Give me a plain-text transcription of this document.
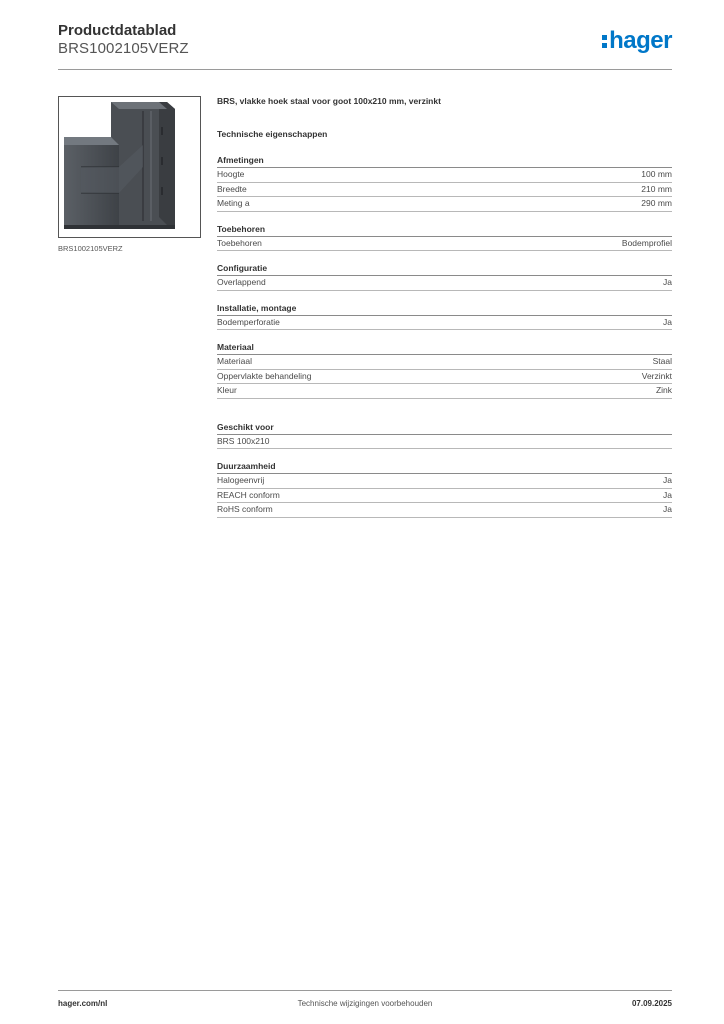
Productdatablad
BRS1002105VERZ	hager
BRS1002105VERZ
BRS, vlakke hoek staal voor goot 100x210 mm, verzinkt
Technische eigenschappen
Afmetingen
Hoogte	100 mm
Breedte	210 mm
Meting a	290 mm
Toebehoren
Toebehoren	Bodemprofiel
Configuratie
Overlappend	Ja
Installatie, montage
Bodemperforatie	Ja
Materiaal
Materiaal	Staal
Oppervlakte behandeling	Verzinkt
Kleur	Zink
Geschikt voor
BRS 100x210
Duurzaamheid
Halogeenvrij	Ja
REACH conform	Ja
RoHS conform	Ja
hager.com/nl	Technische wijzigingen voorbehouden	07.09.2025
